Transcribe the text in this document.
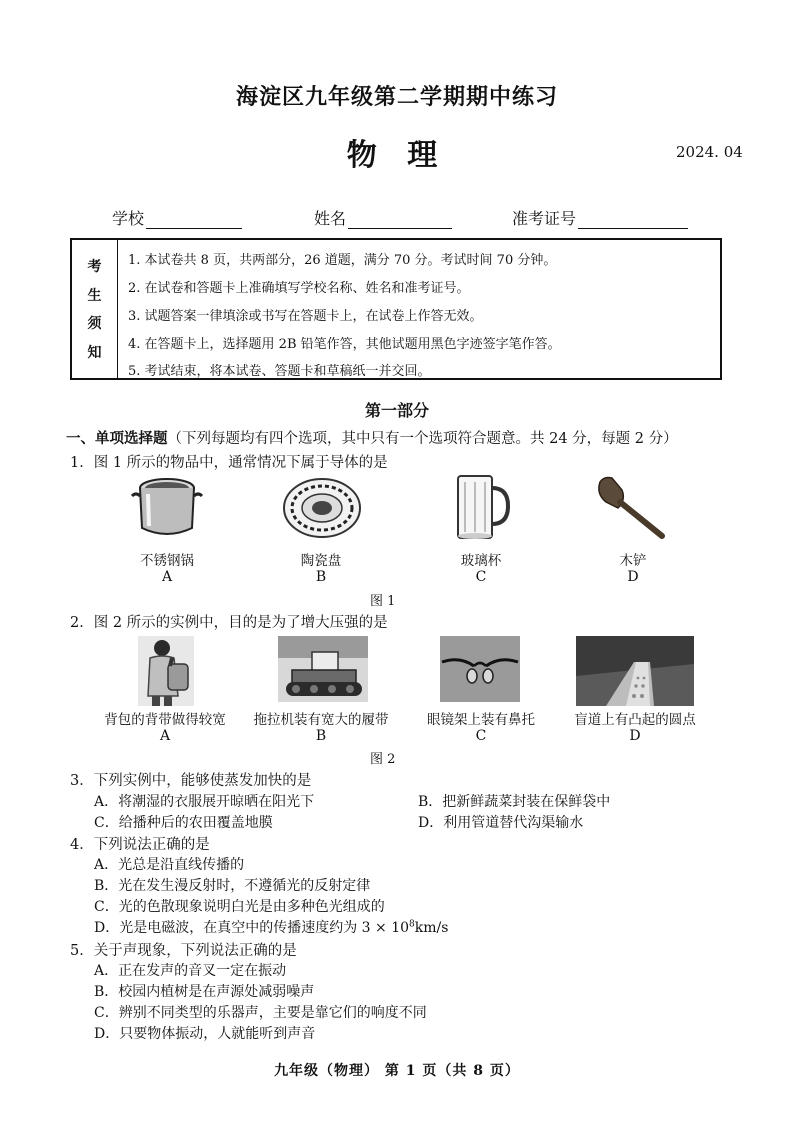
海淀区九年级第二学期期中练习
物 理	2024. 04
学校	姓名	准考证号
考
生
须
知
1. 本试卷共 8 页，共两部分，26 道题，满分 70 分。考试时间 70 分钟。
2. 在试卷和答题卡上准确填写学校名称、姓名和准考证号。
3. 试题答案一律填涂或书写在答题卡上，在试卷上作答无效。
4. 在答题卡上，选择题用 2B 铅笔作答，其他试题用黑色字迹签字笔作答。
5. 考试结束，将本试卷、答题卡和草稿纸一并交回。
第一部分
一、单项选择题（下列每题均有四个选项，其中只有一个选项符合题意。共 24 分，每题 2 分）
1．图 1 所示的物品中，通常情况下属于导体的是
不锈钢锅	陶瓷盘	玻璃杯	木铲
A	B	C	D
图 1
2．图 2 所示的实例中，目的是为了增大压强的是
背包的背带做得较宽	拖拉机装有宽大的履带	眼镜架上装有鼻托	盲道上有凸起的圆点
A	B	C	D
图 2
3．下列实例中，能够使蒸发加快的是
A．将潮湿的衣服展开晾晒在阳光下	B．把新鲜蔬菜封装在保鲜袋中
C．给播种后的农田覆盖地膜	D．利用管道替代沟渠输水
4．下列说法正确的是
A．光总是沿直线传播的
B．光在发生漫反射时，不遵循光的反射定律
C．光的色散现象说明白光是由多种色光组成的
D．光是电磁波，在真空中的传播速度约为 $3 \times 10^8km/s$
5．关于声现象，下列说法正确的是
A．正在发声的音叉一定在振动
B．校园内植树是在声源处减弱噪声
C．辨别不同类型的乐器声，主要是靠它们的响度不同
D．只要物体振动，人就能听到声音
九年级（物理） 第 1 页（共 8 页）
